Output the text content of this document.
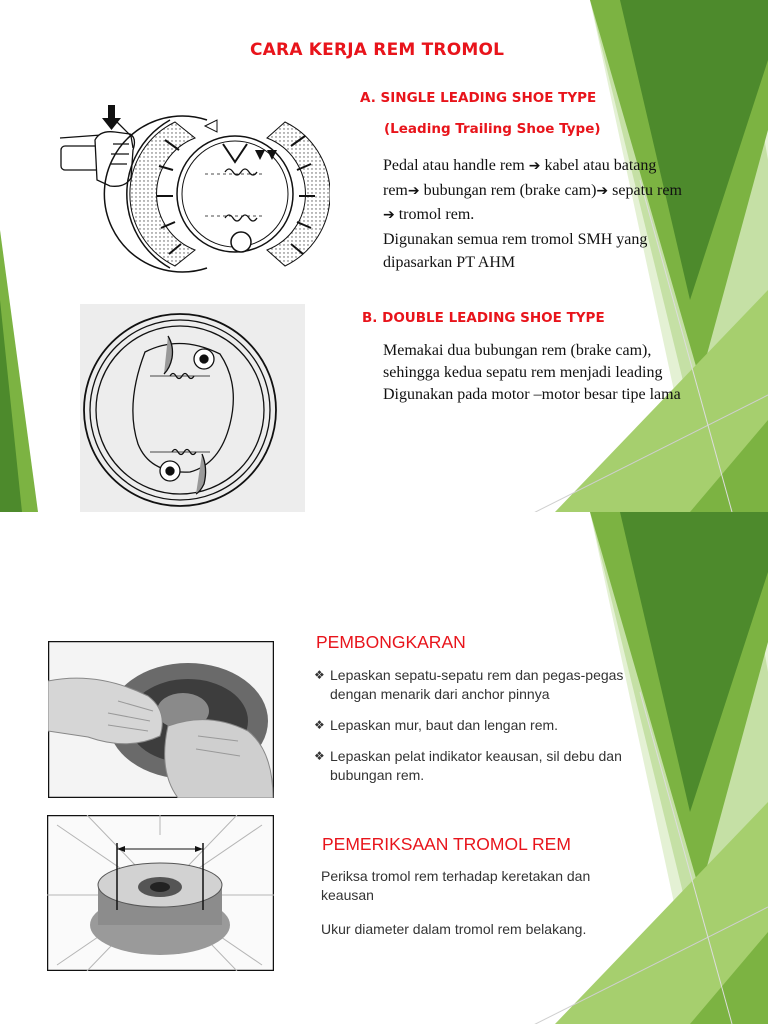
CARA KERJA REM TROMOL
A. SINGLE LEADING SHOE TYPE
(Leading Trailing Shoe Type)
Pedal atau handle rem ➔ kabel atau batang
rem➔ bubungan rem (brake cam)➔ sepatu rem
➔ tromol rem.
Digunakan semua rem tromol SMH yang
dipasarkan PT AHM
B. DOUBLE LEADING SHOE TYPE
Memakai dua bubungan rem (brake cam),
sehingga kedua sepatu rem menjadi leading
Digunakan pada motor –motor besar tipe lama
PEMBONGKARAN
❖ Lepaskan sepatu-sepatu rem dan pegas-pegas
dengan menarik dari anchor pinnya
❖ Lepaskan mur, baut dan lengan rem.
❖ Lepaskan pelat indikator keausan, sil debu dan
bubungan rem.
PEMERIKSAAN TROMOL REM
Periksa tromol rem terhadap keretakan dan
keausan
Ukur diameter dalam tromol rem belakang.
